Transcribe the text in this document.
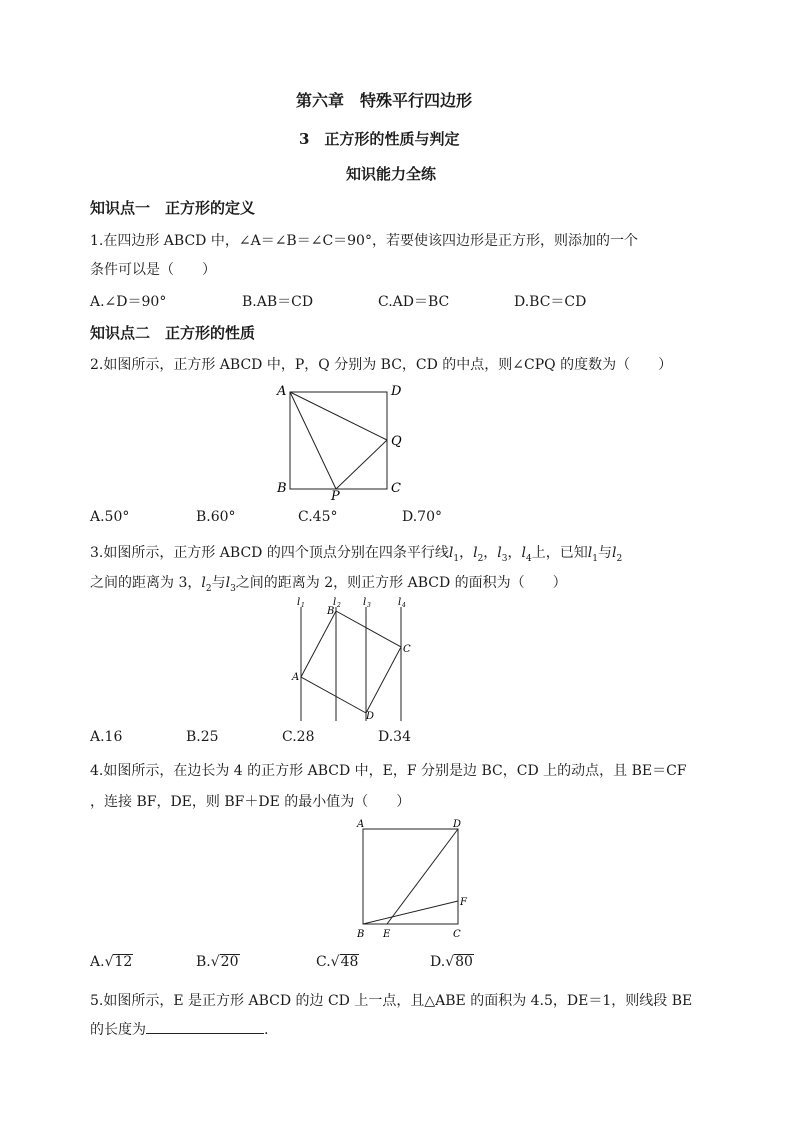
第六章　特殊平行四边形
3　正方形的性质与判定
知识能力全练
知识点一　正方形的定义
1.在四边形 ABCD 中，∠A＝∠B＝∠C＝90°，若要使该四边形是正方形，则添加的一个
条件可以是（　　）
A.∠D＝90°	B.AB＝CD	C.AD＝BC	D.BC＝CD
知识点二　正方形的性质
2.如图所示，正方形 ABCD 中，P，Q 分别为 BC，CD 的中点，则∠CPQ 的度数为（　　）
A	D
Q
B
P
C
A.50°	B.60°	C.45°	D.70°
3.如图所示，正方形 ABCD 的四个顶点分别在四条平行线$l_1$，$l_2$，$l_3$，$l_4$上，已知$l_1$与$l_2$
之间的距离为 3，$l_2$与$l_3$之间的距离为 2，则正方形 ABCD 的面积为（　　）
l 1	l 2 l 3	l 4
B
A
C
D
A.16	B.25	C.28	D.34
4.如图所示，在边长为 4 的正方形 ABCD 中，E，F 分别是边 BC，CD 上的动点，且 BE＝CF
，连接 BF，DE，则 BF＋DE 的最小值为（　　）
A	D
F
B E	C
A.√12	B.√20	C.√48	D.√80
5.如图所示，E 是正方形 ABCD 的边 CD 上一点，且△ABE 的面积为 4.5，DE＝1，则线段 BE
的长度为	.
